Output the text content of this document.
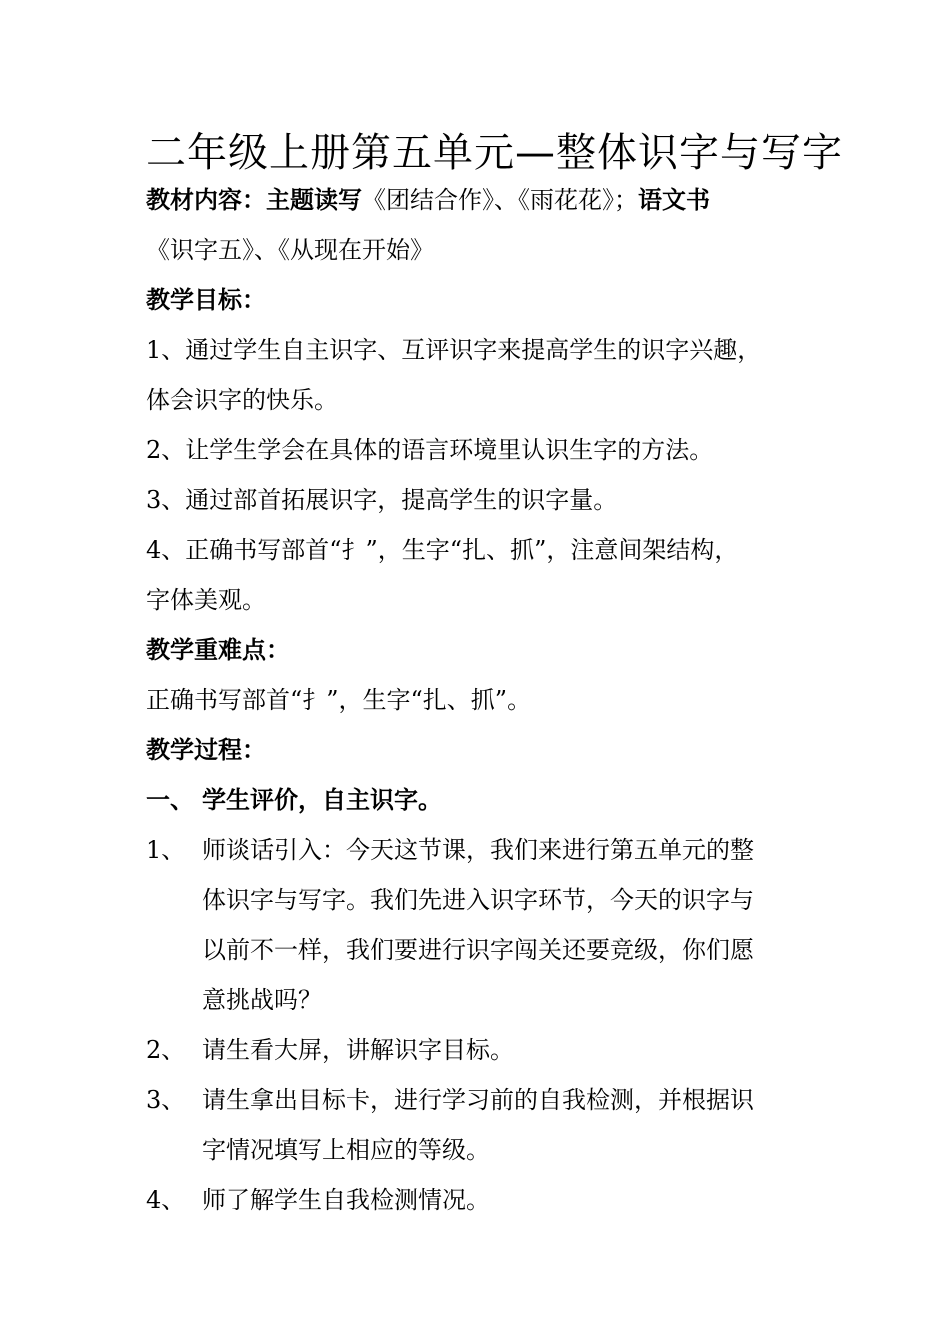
二年级上册第五单元—整体识字与写字
教材内容：主题读写《团结合作》、《雨花花》；语文书
《识字五》、《从现在开始》
教学目标：
1、通过学生自主识字、互评识字来提高学生的识字兴趣，
体会识字的快乐。
2、让学生学会在具体的语言环境里认识生字的方法。
3、通过部首拓展识字，提高学生的识字量。
4、正确书写部首“扌”，生字“扎、抓”，注意间架结构，
字体美观。
教学重难点：
正确书写部首“扌”，生字“扎、抓”。
教学过程：
一、 学生评价，自主识字。
1、 师谈话引入：今天这节课，我们来进行第五单元的整
体识字与写字。我们先进入识字环节，今天的识字与
以前不一样，我们要进行识字闯关还要竞级，你们愿
意挑战吗？
2、 请生看大屏，讲解识字目标。
3、 请生拿出目标卡，进行学习前的自我检测，并根据识
字情况填写上相应的等级。
4、 师了解学生自我检测情况。
